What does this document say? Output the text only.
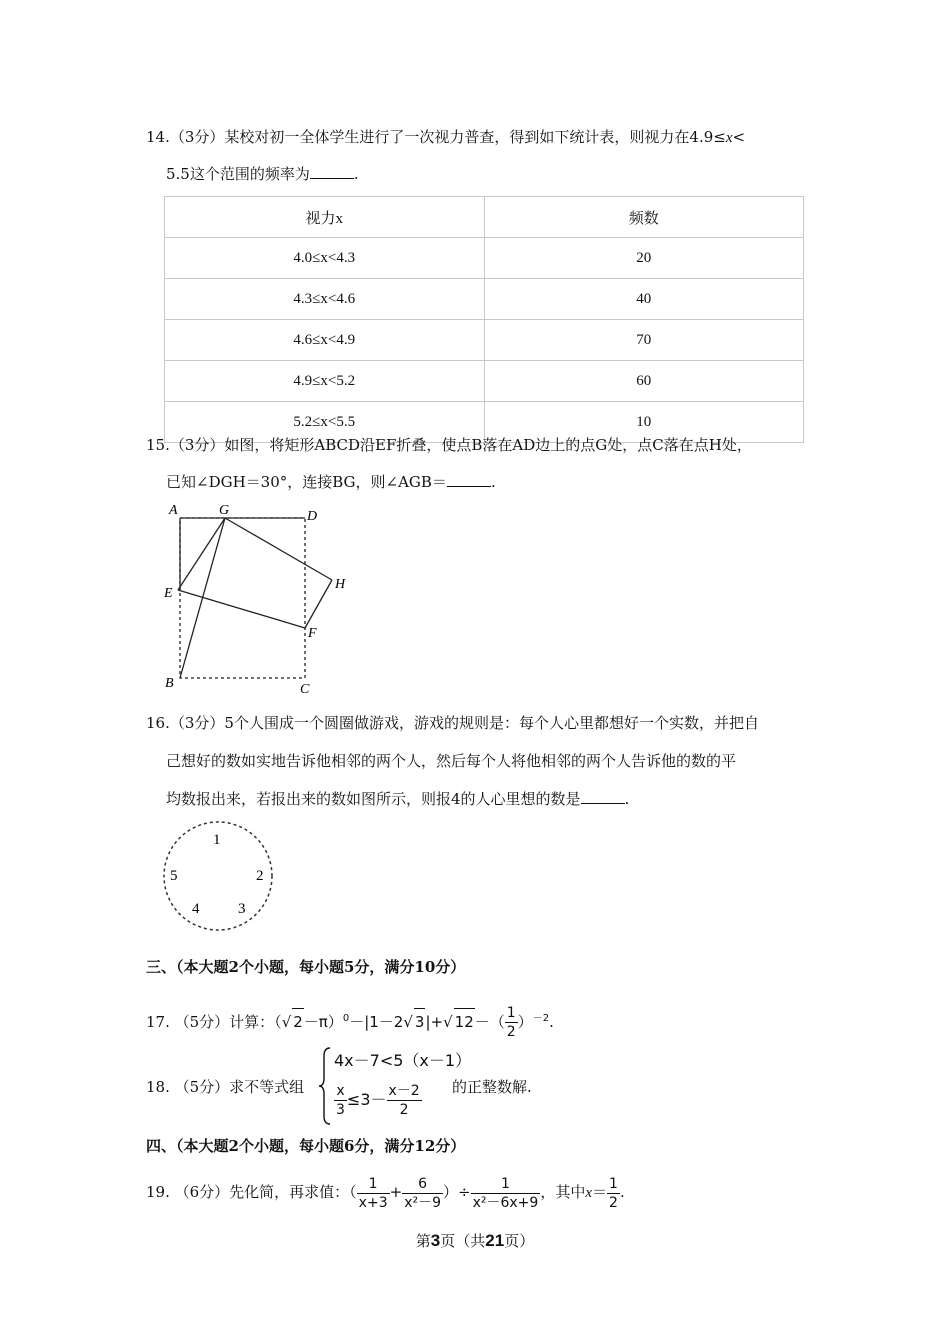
14.（3分）某校对初一全体学生进行了一次视力普查，得到如下统计表，则视力在4.9≤x<
5.5这个范围的频率为	.
视力x	频数
4.0≤x<4.3	20
4.3≤x<4.6	40
4.6≤x<4.9	70
4.9≤x<5.2	60
5.2≤x<5.5	10
15.（3分）如图，将矩形ABCD沿EF折叠，使点B落在AD边上的点G处，点C落在点H处，
已知∠DGH＝30°，连接BG，则∠AGB＝	.
A	G	D
H
E
F
B	C
16.（3分）5个人围成一个圆圈做游戏，游戏的规则是：每个人心里都想好一个实数，并把自
己想好的数如实地告诉他相邻的两个人，然后每个人将他相邻的两个人告诉他的数的平
均数报出来，若报出来的数如图所示，则报4的人心里想的数是	.
1
2
3
4
5
三、（本大题2个小题，每小题5分，满分10分）
17. （5分）计算：（√ 2－π）$^0$－|1－2√ 3|+√ $12-( \frac{1}{2} )^{-2}$.
18. （5分）求不等式组
4x－7<5（x－1）
$\frac{x}{3} \le 3- \frac{x-2}{2}$ 的正整数解.
四、（本大题2个小题，每小题6分，满分12分）
19. （6分）先化简，再求值：（ $\frac{1}{x+3} + \frac{6}{\text{x²－9}}$ ）÷ $\frac{1}{\text{x²－6x+9}}$ ，其中$x= \frac{1}{2}$ .
第3页（共21页）
